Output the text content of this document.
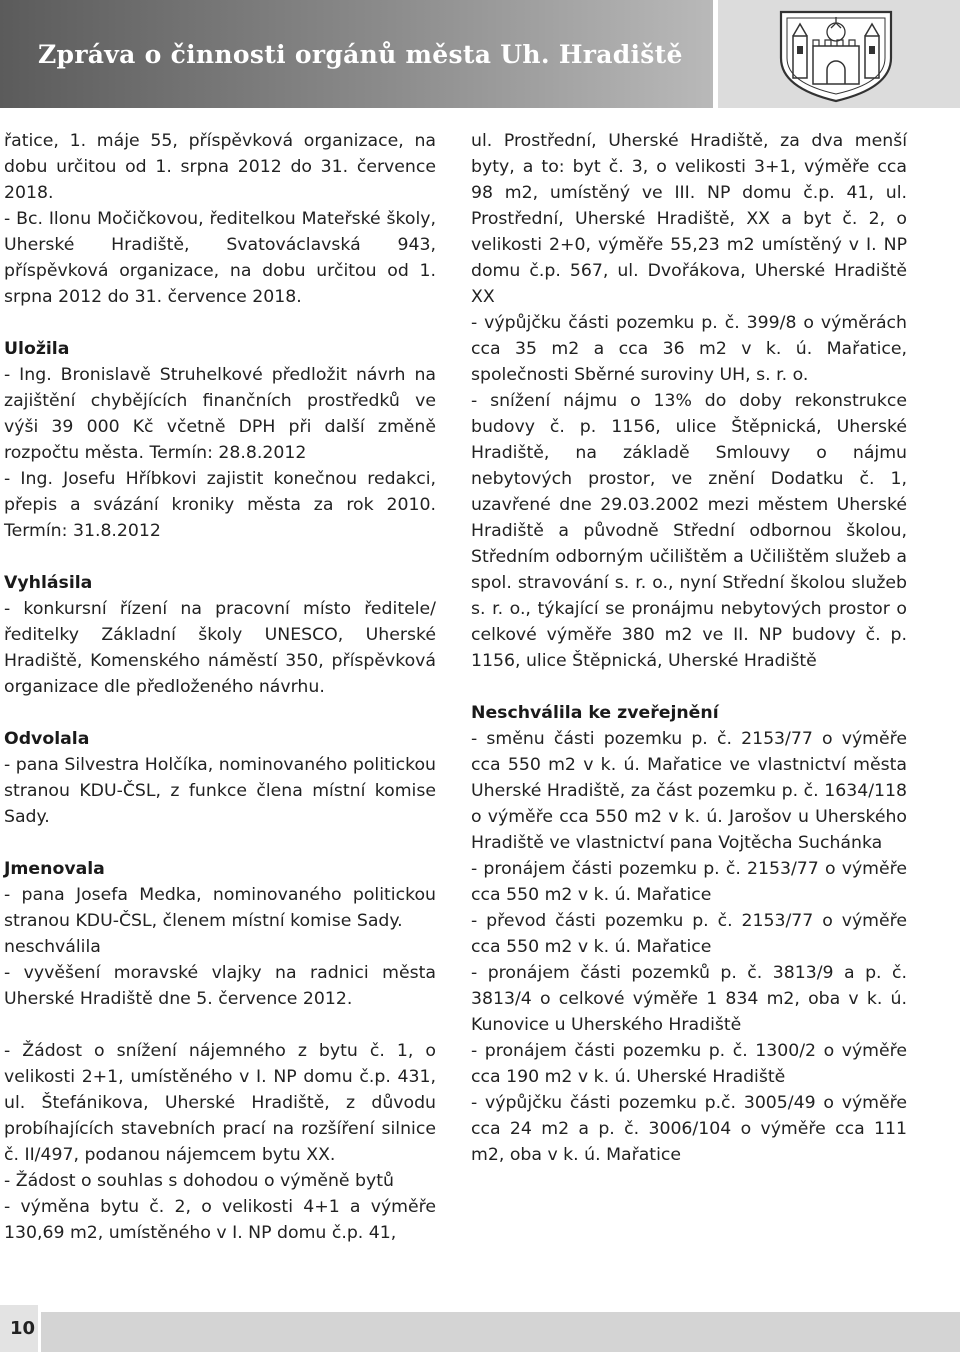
Zpráva o činnosti orgánů města Uh. Hradiště

řatice, 1. máje 55, příspěvková organizace, na dobu určitou od 1. srpna 2012 do 31. července 2018.

- Bc. Ilonu Močičkovou, ředitelkou Mateřské školy, Uherské Hradiště, Svatováclavská 943, příspěvková organizace, na dobu určitou od 1. srpna 2012 do 31. července 2018.

Uložila

- Ing. Bronislavě Struhelkové předložit návrh na zajištění chybějících finančních prostředků ve výši 39 000 Kč včetně DPH při další změně rozpočtu města. Termín: 28.8.2012

- Ing. Josefu Hříbkovi zajistit konečnou redakci, přepis a svázání kroniky města za rok 2010. Termín: 31.8.2012

Vyhlásila

- konkursní řízení na pracovní místo ředitele/ ředitelky Základní školy UNESCO, Uherské Hradiště, Komenského náměstí 350, příspěvková organizace dle předloženého návrhu.

Odvolala

- pana Silvestra Holčíka, nominovaného politickou stranou KDU-ČSL, z funkce člena místní komise Sady.

Jmenovala

- pana Josefa Medka, nominovaného politickou stranou KDU-ČSL, členem místní komise Sady.

neschválila

- vyvěšení moravské vlajky na radnici města Uherské Hradiště dne 5. července 2012.

- Žádost o snížení nájemného z bytu č. 1, o velikosti 2+1, umístěného v I. NP domu č.p. 431, ul. Štefánikova, Uherské Hradiště, z důvodu probíhajících stavebních prací na rozšíření silnice č. II/497, podanou nájemcem bytu XX.

- Žádost o souhlas s dohodou o výměně bytů

- výměna bytu č. 2, o velikosti 4+1 a výměře 130,69 m2, umístěného v I. NP domu č.p. 41,

ul. Prostřední, Uherské Hradiště, za dva menší byty, a to: byt č. 3, o velikosti 3+1, výměře cca 98 m2, umístěný ve III. NP domu č.p. 41, ul. Prostřední, Uherské Hradiště, XX a byt č. 2, o velikosti 2+0, výměře 55,23 m2 umístěný v I. NP domu č.p. 567, ul. Dvořákova, Uherské Hradiště XX

- výpůjčku části pozemku p. č. 399/8 o výměrách cca 35 m2 a cca 36 m2 v k. ú. Mařatice, společnosti Sběrné suroviny UH, s. r. o.

- snížení nájmu o 13% do doby rekonstrukce budovy č. p. 1156, ulice Štěpnická, Uherské Hradiště, na základě Smlouvy o nájmu nebytových prostor, ve znění Dodatku č. 1, uzavřené dne 29.03.2002 mezi městem Uherské Hradiště a původně Střední odbornou školou, Středním odborným učilištěm a Učilištěm služeb a spol. stravování s. r. o., nyní Střední školou služeb s. r. o., týkající se pronájmu nebytových prostor o celkové výměře 380 m2 ve II. NP budovy č. p. 1156, ulice Štěpnická, Uherské Hradiště

Neschválila ke zveřejnění

- směnu části pozemku p. č. 2153/77 o výměře cca 550 m2 v k. ú. Mařatice ve vlastnictví města Uherské Hradiště, za část pozemku p. č. 1634/118 o výměře cca 550 m2 v k. ú. Jarošov u Uherského Hradiště ve vlastnictví pana Vojtěcha Suchánka

- pronájem části pozemku p. č. 2153/77 o výměře cca 550 m2 v k. ú. Mařatice

- převod části pozemku p. č. 2153/77 o výměře cca 550 m2 v k. ú. Mařatice

- pronájem části pozemků p. č. 3813/9 a p. č. 3813/4 o celkové výměře 1 834 m2, oba v k. ú. Kunovice u Uherského Hradiště

- pronájem části pozemku p. č. 1300/2 o výměře cca 190 m2 v k. ú. Uherské Hradiště

- výpůjčku části pozemku p.č. 3005/49 o výměře cca 24 m2 a p. č. 3006/104 o výměře cca 111 m2, oba v k. ú. Mařatice

10
